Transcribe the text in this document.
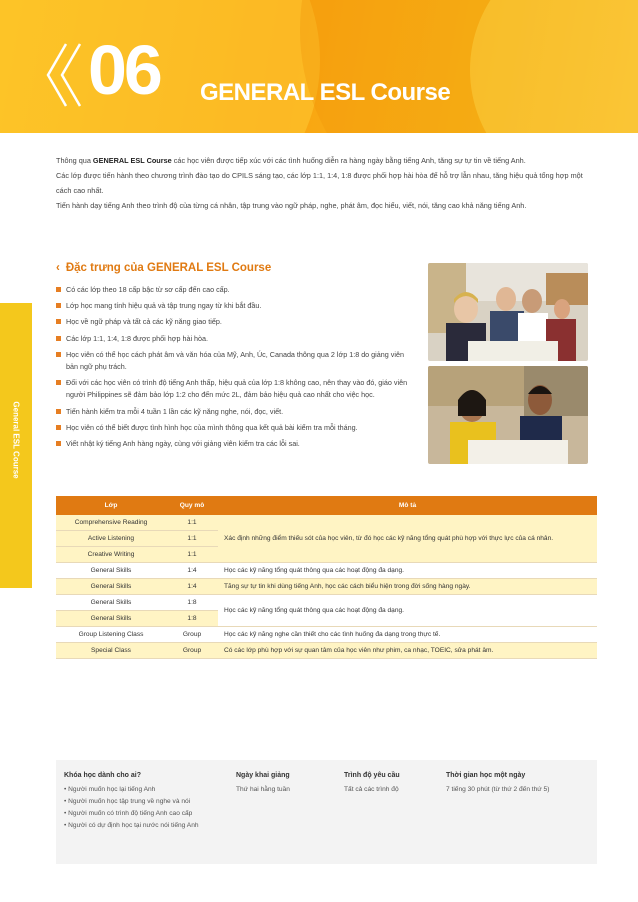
06 GENERAL ESL Course

Thông qua GENERAL ESL Course các học viên được tiếp xúc với các tình huống diễn ra hàng ngày bằng tiếng Anh, tăng sự tự tin về tiếng Anh.

Các lớp được tiến hành theo chương trình đào tạo do CPILS sáng tạo, các lớp 1:1, 1:4, 1:8 được phối hợp hài hòa để hỗ trợ lẫn nhau, tăng hiệu quả tổng hợp một cách cao nhất.

Tiến hành dạy tiếng Anh theo trình độ của từng cá nhân, tập trung vào ngữ pháp, nghe, phát âm, đọc hiểu, viết, nói, tăng cao khả năng tiếng Anh.

General ESL Course
‹ Đặc trưng của GENERAL ESL Course
Có các lớp theo 18 cấp bậc từ sơ cấp đến cao cấp.
Lớp học mang tính hiệu quả và tập trung ngay từ khi bắt đầu.
Học về ngữ pháp và tất cả các kỹ năng giao tiếp.
Các lớp 1:1, 1:4, 1:8 được phối hợp hài hòa.
Học viên có thể học cách phát âm và văn hóa của Mỹ, Anh, Úc, Canada thông qua 2 lớp 1:8 do giảng viên bản ngữ phụ trách.
Đối với các học viên có trình độ tiếng Anh thấp, hiệu quả của lớp 1:8 không cao, nên thay vào đó, giáo viên người Philippines sẽ đảm bảo lớp 1:2 cho đến mức 2L, đảm bảo hiệu quả cao nhất cho việc học.
Tiến hành kiểm tra mỗi 4 tuần 1 lần các kỹ năng nghe, nói, đọc, viết.
Học viên có thể biết được tình hình học của mình thông qua kết quả bài kiểm tra mỗi tháng.
Viết nhật ký tiếng Anh hàng ngày, cùng với giảng viên kiểm tra các lỗi sai.
Lớp	Quy mô	Mô tả
Comprehensive Reading	1:1	Xác định những điểm thiếu sót của học viên, từ đó học các kỹ năng tổng quát phù hợp với thực lực của cá nhân.
Active Listening	1:1	
Creative Writing	1:1	
General Skills	1:4	Học các kỹ năng tổng quát thông qua các hoạt động đa dạng.
General Skills	1:4	Tăng sự tự tin khi dùng tiếng Anh, học các cách biểu hiện trong đời sống hàng ngày.
General Skills	1:8	Học các kỹ năng tổng quát thông qua các hoạt động đa dạng.
General Skills	1:8	
Group Listening Class	Group	Học các kỹ năng nghe cần thiết cho các tình huống đa dạng trong thực tế.
Special Class	Group	Có các lớp phù hợp với sự quan tâm của học viên như phim, ca nhạc, TOEIC, sửa phát âm.
Khóa học dành cho ai?
• Người muốn học lại tiếng Anh
• Người muốn học tập trung về nghe và nói
• Người muốn có trình độ tiếng Anh cao cấp
• Người có dự định học tại nước nói tiếng Anh
Ngày khai giảng
Thứ hai hằng tuần
Trình độ yêu cầu
Tất cả các trình độ
Thời gian học một ngày
7 tiếng 30 phút (từ thứ 2 đến thứ 5)
